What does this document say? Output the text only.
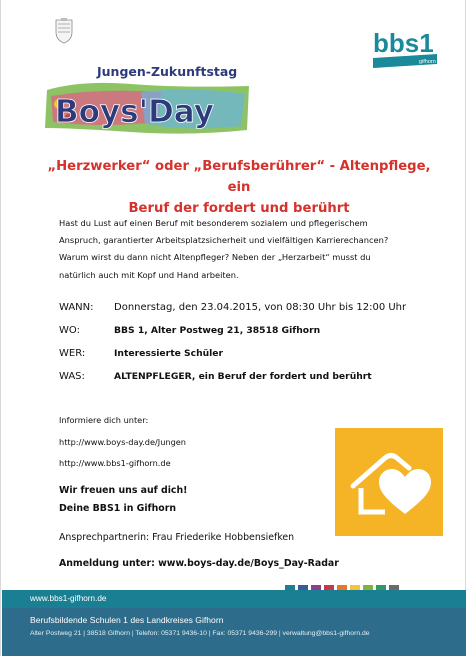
bbs1
gifhorn
Jungen-Zukunftstag
Boys'Day
„Herzwerker“ oder „Berufsberührer“ - Altenpflege, ein
Beruf der fordert und berührt
Hast du Lust auf einen Beruf mit besonderem sozialem und pflegerischem
Anspruch, garantierter Arbeitsplatzsicherheit und vielfältigen Karrierechancen?
Warum wirst du dann nicht Altenpfleger? Neben der „Herzarbeit“ musst du
natürlich auch mit Kopf und Hand arbeiten.
WANN: Donnerstag, den 23.04.2015, von 08:30 Uhr bis 12:00 Uhr
WO:	BBS 1, Alter Postweg 21, 38518 Gifhorn
WER:	Interessierte Schüler
WAS:	ALTENPFLEGER, ein Beruf der fordert und berührt
Informiere dich unter:
http://www.boys-day.de/Jungen
http://www.bbs1-gifhorn.de
Wir freuen uns auf dich!
Deine BBS1 in Gifhorn
Ansprechpartnerin: Frau Friederike Hobbensiefken
Anmeldung unter: www.boys-day.de/Boys_Day-Radar
www.bbs1-gifhorn.de
Berufsbildende Schulen 1 des Landkreises Gifhorn
Alter Postweg 21 | 38518 Gifhorn | Telefon: 05371 9436-10 | Fax: 05371 9436-299 | verwaltung@bbs1-gifhorn.de
